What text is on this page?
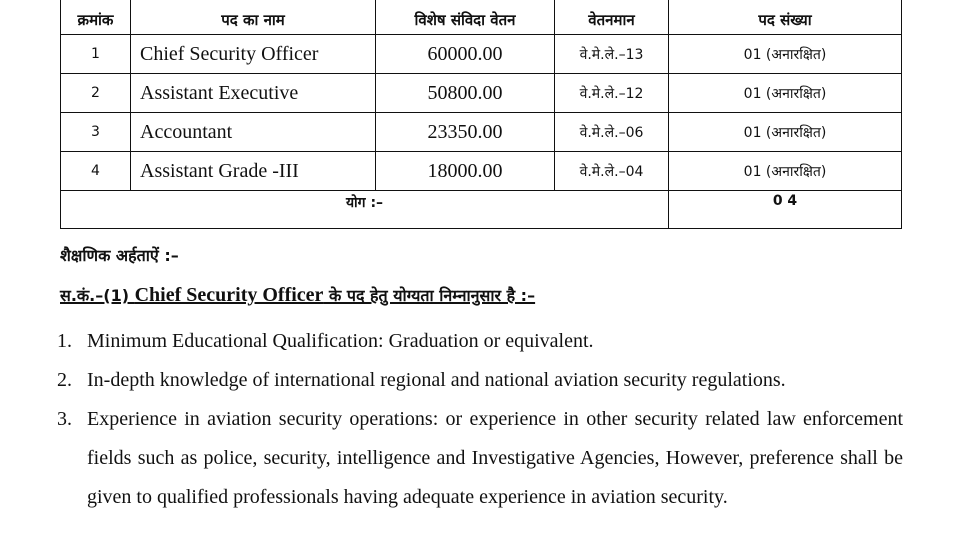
क्रमांक	पद का नाम	विशेष संविदा वेतन	वेतनमान	पद संख्या
1	Chief Security Officer	60000.00	वे.मे.ले.–13	01 (अनारक्षित)
2	Assistant Executive	50800.00	वे.मे.ले.–12	01 (अनारक्षित)
3	Accountant	23350.00	वे.मे.ले.–06	01 (अनारक्षित)
4	Assistant Grade -III	18000.00	वे.मे.ले.–04	01 (अनारक्षित)
योग :–				0 4
शैक्षणिक अर्हताऐं :–
स.कं.–(1) Chief Security Officer के पद हेतु योग्यता निम्नानुसार है :–
1. Minimum Educational Qualification: Graduation or equivalent.
2. In-depth knowledge of international regional and national aviation security regulations.
3. Experience in aviation security operations: or experience in other security related law enforcement fields such as police, security, intelligence and Investigative Agencies, However, preference shall be given to qualified professionals having adequate experience in aviation security.
